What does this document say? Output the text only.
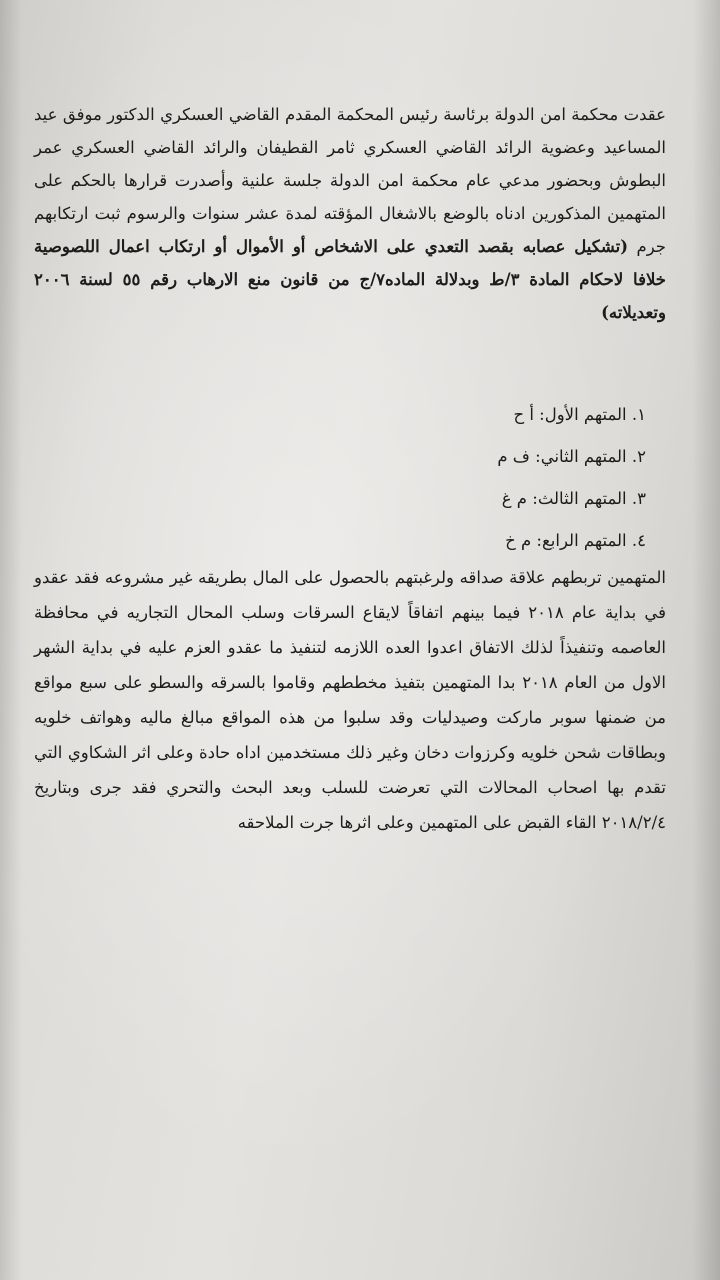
عقدت محكمة امن الدولة برئاسة رئيس المحكمة المقدم القاضي العسكري الدكتور موفق عيد المساعيد وعضوية الرائد القاضي العسكري ثامر القطيفان والرائد القاضي العسكري عمر البطوش وبحضور مدعي عام محكمة امن الدولة جلسة علنية وأصدرت قرارها بالحكم على المتهمين المذكورين ادناه بالوضع بالاشغال المؤقته لمدة عشر سنوات والرسوم ثبت ارتكابهم جرم (تشكيل عصابه بقصد التعدي على الاشخاص أو الأموال أو ارتكاب اعمال اللصوصية خلافا لاحكام المادة ٣/ط وبدلالة الماده٧/ج من قانون منع الارهاب رقم ٥٥ لسنة ٢٠٠٦ وتعديلاته)
١. المتهم الأول: أ ح
٢. المتهم الثاني: ف م
٣. المتهم الثالث: م غ
٤. المتهم الرابع: م خ
المتهمين تربطهم علاقة صداقه ولرغبتهم بالحصول على المال بطريقه غير مشروعه فقد عقدو في بداية عام ٢٠١٨ فيما بينهم اتفاقاً لايقاع السرقات وسلب المحال التجاريه في محافظة العاصمه وتنفيذاً لذلك الاتفاق اعدوا العده اللازمه لتنفيذ ما عقدو العزم عليه في بداية الشهر الاول من العام ٢٠١٨ بدا المتهمين بتفيذ مخططهم وقاموا بالسرقه والسطو على سبع مواقع من ضمنها سوبر ماركت وصيدليات وقد سلبوا من هذه المواقع مبالغ ماليه وهواتف خلويه وبطاقات شحن خلويه وكرزوات دخان وغير ذلك مستخدمين اداه حادة وعلى اثر الشكاوي التي تقدم بها اصحاب المحالات التي تعرضت للسلب وبعد البحث والتحري فقد جرى وبتاريخ ٢٠١٨/٢/٤ القاء القبض على المتهمين وعلى اثرها جرت الملاحقه
